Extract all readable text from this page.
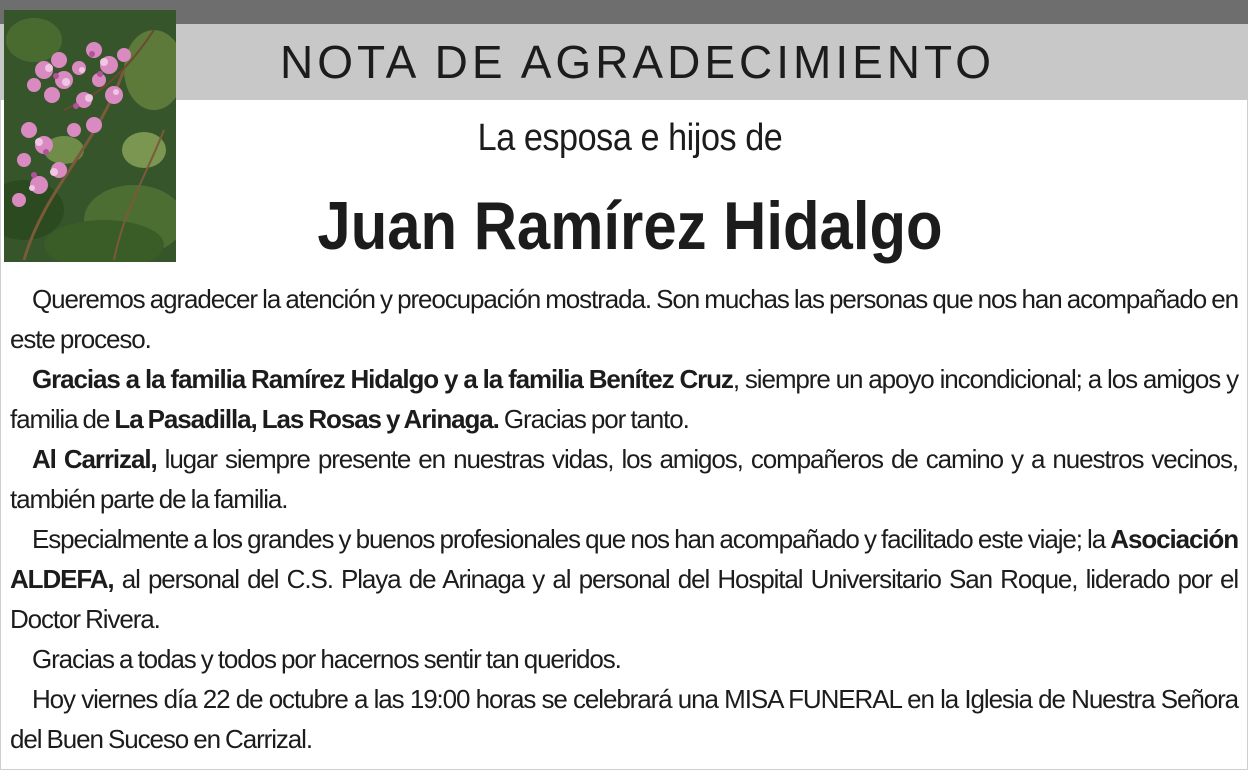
NOTA DE AGRADECIMIENTO
La esposa e hijos de
Juan Ramírez Hidalgo

Queremos agradecer la atención y preocupación mostrada. Son muchas las personas que nos han acompañado en este proceso.

Gracias a la familia Ramírez Hidalgo y a la familia Benítez Cruz, siempre un apoyo incondicional; a los amigos y familia de La Pasadilla, Las Rosas y Arinaga. Gracias por tanto.

Al Carrizal, lugar siempre presente en nuestras vidas, los amigos, compañeros de camino y a nuestros vecinos, también parte de la familia.

Especialmente a los grandes y buenos profesionales que nos han acompañado y facilitado este viaje; la Asociación ALDEFA, al personal del C.S. Playa de Arinaga y al personal del Hospital Universitario San Roque, liderado por el Doctor Rivera.

Gracias a todas y todos por hacernos sentir tan queridos.

Hoy viernes día 22 de octubre a las 19:00 horas se celebrará una MISA FUNERAL en la Iglesia de Nuestra Señora del Buen Suceso en Carrizal.
